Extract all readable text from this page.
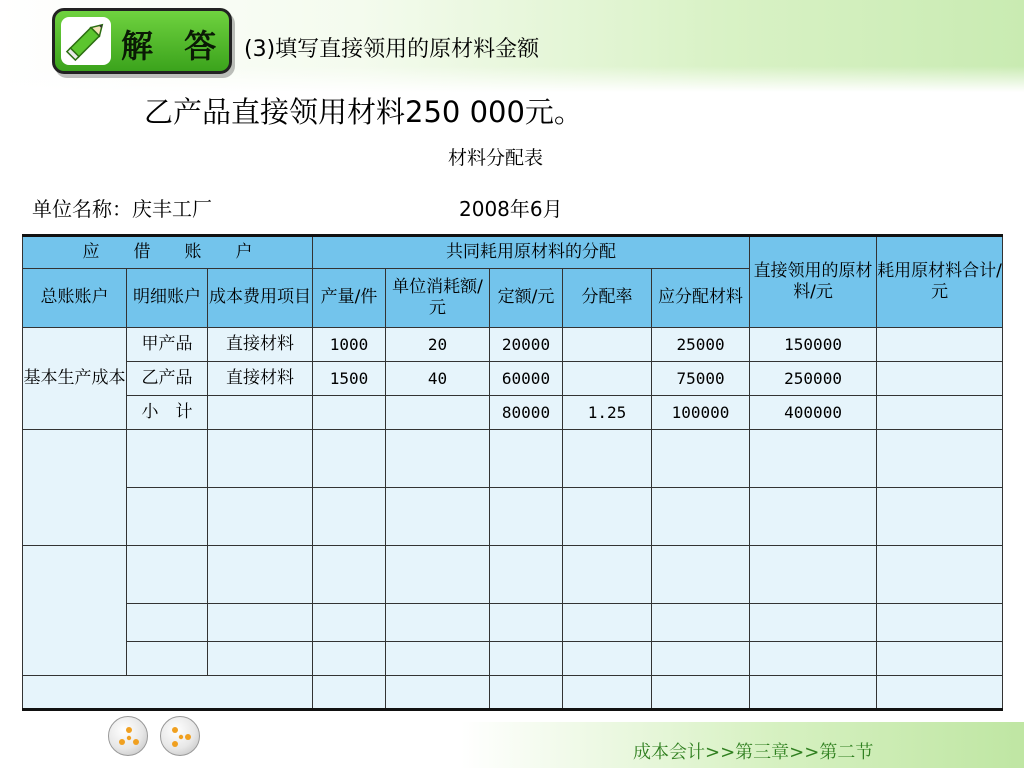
解 答 (3)填写直接领用的原材料金额
乙产品直接领用材料250 000元。
材料分配表
单位名称：庆丰工厂	2008年6月
应　　借　　账　　户			共同耗用原材料的分配					直接领用的原材料/元	耗用原材料合计/元
总账账户	明细账户	成本费用项目	产量/件	单位消耗额/元	定额/元	分配率	应分配材料		
基本生产成本	甲产品	直接材料	1000	20	20000		25000	150000	
	乙产品	直接材料	1500	40	60000		75000	250000	
	小　计				80000	1.25	100000	400000	

成本会计>>第三章>>第二节
